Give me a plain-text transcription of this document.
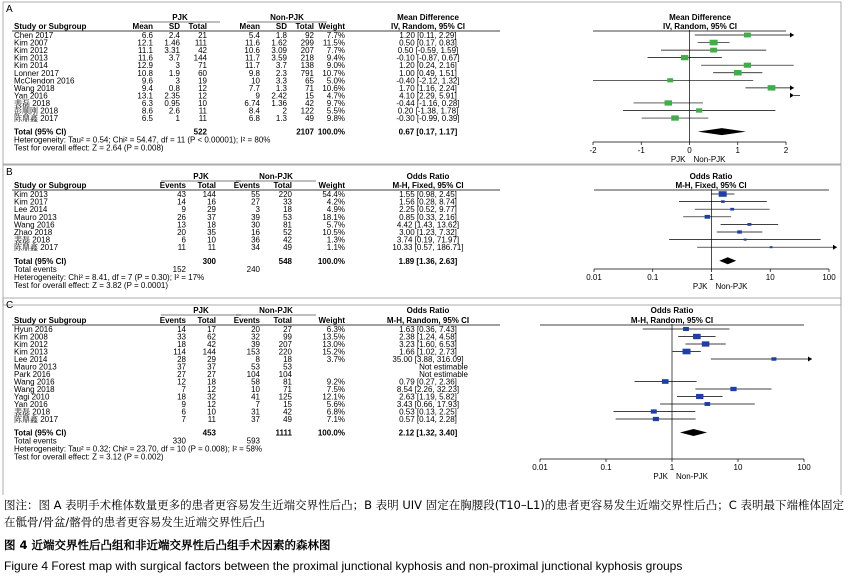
A
PJK	Non-PJK	Mean Difference	Mean Difference
Study or Subgroup	Mean SD Total	Mean SD Total Weight	IV, Random, 95% CI	IV, Random, 95% CI
Chen 2017	6.6 2.4 21	5.4 1.8 92 7.7%	1.20 [0.11, 2.29]
Kim 2007	12.1 1.46 111	11.6 1.62 299 11.5%	0.50 [0.17, 0.83]
Kim 2012	11.1 3.31 42	10.6 3.09 207 7.7%	0.50 [-0.59, 1.59]
Kim 2013	11.6 3.7 144	11.7 3.59 218 9.4%	-0.10 [-0.87, 0.67]
Kim 2014	12.9	3 71	11.7 3.7 138 9.0%	1.20 [0.24, 2.16]
Lonner 2017	10.8 1.9 60	9.8 2.3 791 10.7%	1.00 [0.49, 1.51]
McClendon 2016	9.6	3 19	10 3.3 65 5.0%	-0.40 [-2.12, 1.32]
Wang 2018	9.4 0.8 12	7.7 1.3 71 10.6%	1.70 [1.16, 2.24]
Yan 2016	13.1 2.35 12	9 2.42 15 4.7%	4.10 [2.29, 5.91]
裴磊 2018	6.3 0.95 10	6.74 1.36 42 9.7%	-0.44 [-1.16, 0.28]
彭顺刚 2018	8.6 2.6 11	8.4	2 122 5.5%	0.20 [-1.38, 1.78]
陈鼎鑫 2017	6.5	1 11	6.8 1.3 49 9.8%	-0.30 [-0.99, 0.39]
Total (95% CI)	522	2107 100.0%	0.67 [0.17, 1.17]
Heterogeneity: Tau² = 0.54; Chi² = 54.47, df = 11 (P < 0.00001); I² = 80%
Test for overall effect: Z = 2.64 (P = 0.008)	-2	-1	0	1	2
PJK Non-PJK
B	PJK	Non-PJK	Odds Ratio	Odds Ratio
Study or Subgroup	Events Total Events Total	Weight	M-H, Fixed, 95% CI	M-H, Fixed, 95% CI
Kim 2013	43 144	55 220	54.4%	1.55 [0.98, 2.45]
Kim 2017	14	16	27	33	4.2%	1.56 [0.28, 8.74]
Lee 2014	9	29	3	18	4.9%	2.25 [0.52, 9.77]
Mauro 2013	26	37	39	53	18.1%	0.85 [0.33, 2.16]
Wang 2016	13	18	30	81	5.7%	4.42 [1.43, 13.62]
Zhao 2018	20	35	16	52	10.5%	3.00 [1.23, 7.32]
裴磊 2018	6	10	36	42	1.3%	3.74 [0.19, 71.97]
陈鼎鑫 2017	11	11	34	49	1.1%	10.33 [0.57, 186.71]
Total (95% CI)	300	548	100.0%	1.89 [1.36, 2.63]
Total events	152	240
Heterogeneity: Chi² = 8.41, df = 7 (P = 0.30); I² = 17%
Test for overall effect: Z = 3.82 (P = 0.0001)
0.01	0.1	1	10	100
PJK Non-PJK
C	PJK	Non-PJK	Odds Ratio	Odds Ratio
Study or Subgroup	Events Total Events Total	Weight	M-H, Random, 95% CI	M-H, Random, 95% CI
Hyun 2016	14	17	20	27	6.3%	1.63 [0.36, 7.43]
Kim 2008	33	62	32	99	13.5%	2.38 [1.24, 4.58]
Kim 2012	18	42	39 207	13.0%	3.23 [1.60, 6.53]
Kim 2013	114 144	153 220	15.2%	1.66 [1.02, 2.73]
Lee 2014	28	29	8	18	3.7%	35.00 [3.88, 316.09]
Mauro 2013	37	37	53	53	Not estimable
Park 2016	27	27	104 104	Not estimable
Wang 2016	12	18	58	81	9.2%	0.79 [0.27, 2.36]
Wang 2018	7	12	10	71	7.5%	8.54 [2.26, 32.23]
Yagi 2010	18	32	41 125	12.1%	2.63 [1.19, 5.82]
Yan 2016	9	12	7	15	5.6%	3.43 [0.66, 17.93]
裴磊 2018	6	10	31	42	6.8%	0.53 [0.13, 2.25]
陈鼎鑫 2017	7	11	37	49	7.1%	0.57 [0.14, 2.28]
Total (95% CI)	453	1111	100.0%	2.12 [1.32, 3.40]
Total events	330	593
Heterogeneity: Tau² = 0.32; Chi² = 23.70, df = 10 (P = 0.008); I² = 58%
Test for overall effect: Z = 3.12 (P = 0.002)
0.01	0.1	1	10	100
PJK Non-PJK
图注：图 A 表明手术椎体数量更多的患者更容易发生近端交界性后凸；B 表明 UIV 固定在胸腰段(T10–L1)的患者更容易发生近端交界性后凸；C 表明最下端椎体固定在骶骨/骨盆/髂骨的患者更容易发生近端交界性后凸
图 4 近端交界性后凸组和非近端交界性后凸组手术因素的森林图
Figure 4 Forest map with surgical factors between the proximal junctional kyphosis and non-proximal junctional kyphosis groups
